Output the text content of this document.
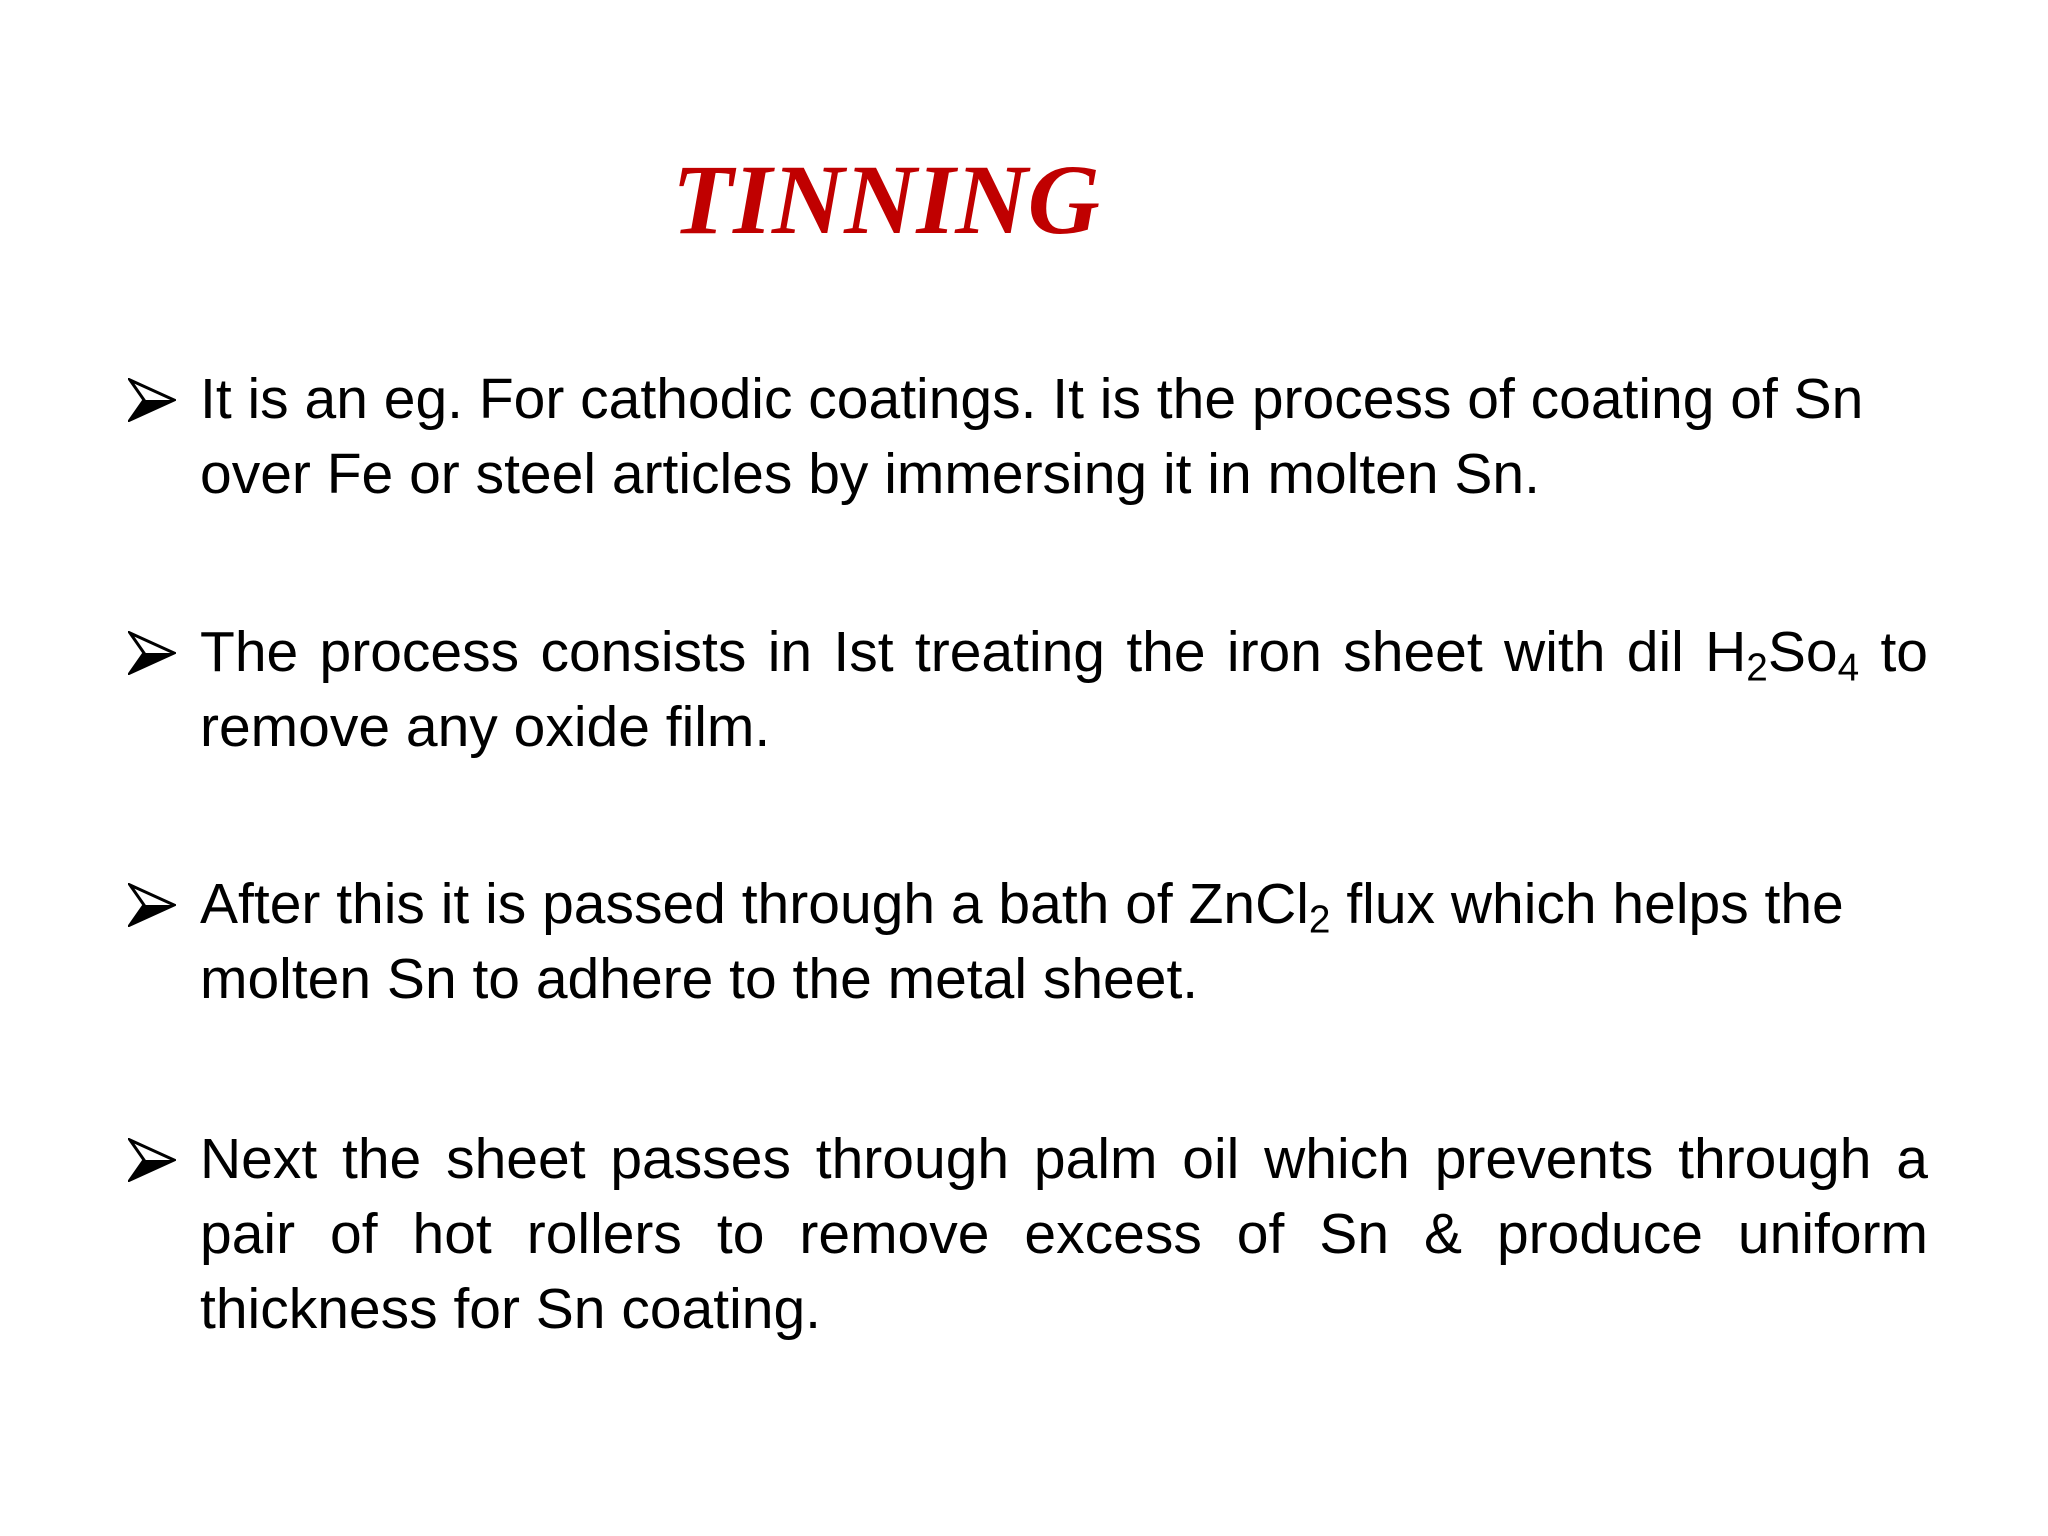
TINNING
It is an eg. For cathodic coatings. It is the process of coating of Sn over Fe or steel articles by immersing it in molten Sn.
The process consists in Ist treating the iron sheet with dil $H_2So_4$ to remove any oxide film.
After this it is passed through a bath of ZnCl$_2$ flux which helps the molten Sn to adhere to the metal sheet.
Next the sheet passes through palm oil which prevents through a pair of hot rollers to remove excess of Sn & produce uniform thickness for Sn coating.
